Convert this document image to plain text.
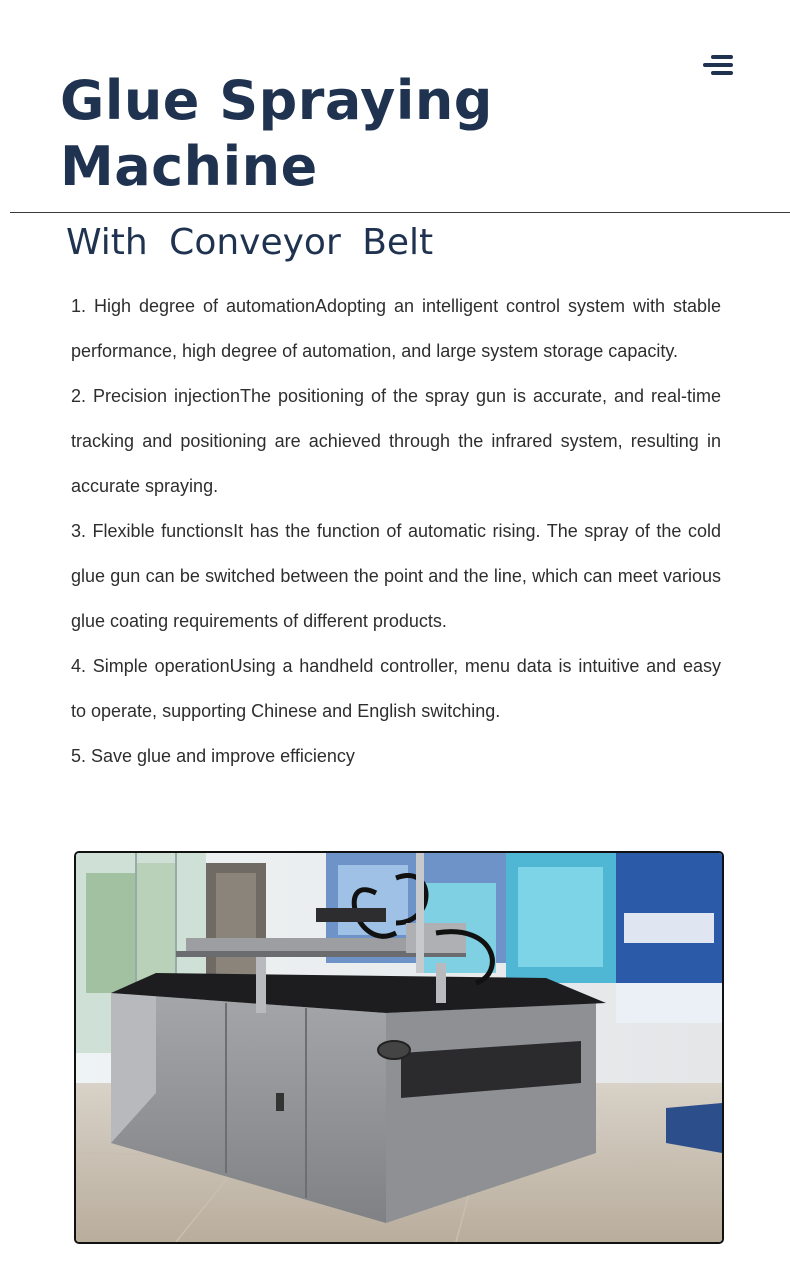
Glue Spraying
Machine
With Conveyor Belt
1. High degree of automationAdopting an intelligent control system with stable performance, high degree of automation, and large system storage capacity.
2. Precision injectionThe positioning of the spray gun is accurate, and real-time tracking and positioning are achieved through the infrared system, resulting in accurate spraying.
3. Flexible functionsIt has the function of automatic rising. The spray of the cold glue gun can be switched between the point and the line, which can meet various glue coating requirements of different products.
4. Simple operationUsing a handheld controller, menu data is intuitive and easy to operate, supporting Chinese and English switching.
5. Save glue and improve efficiency
